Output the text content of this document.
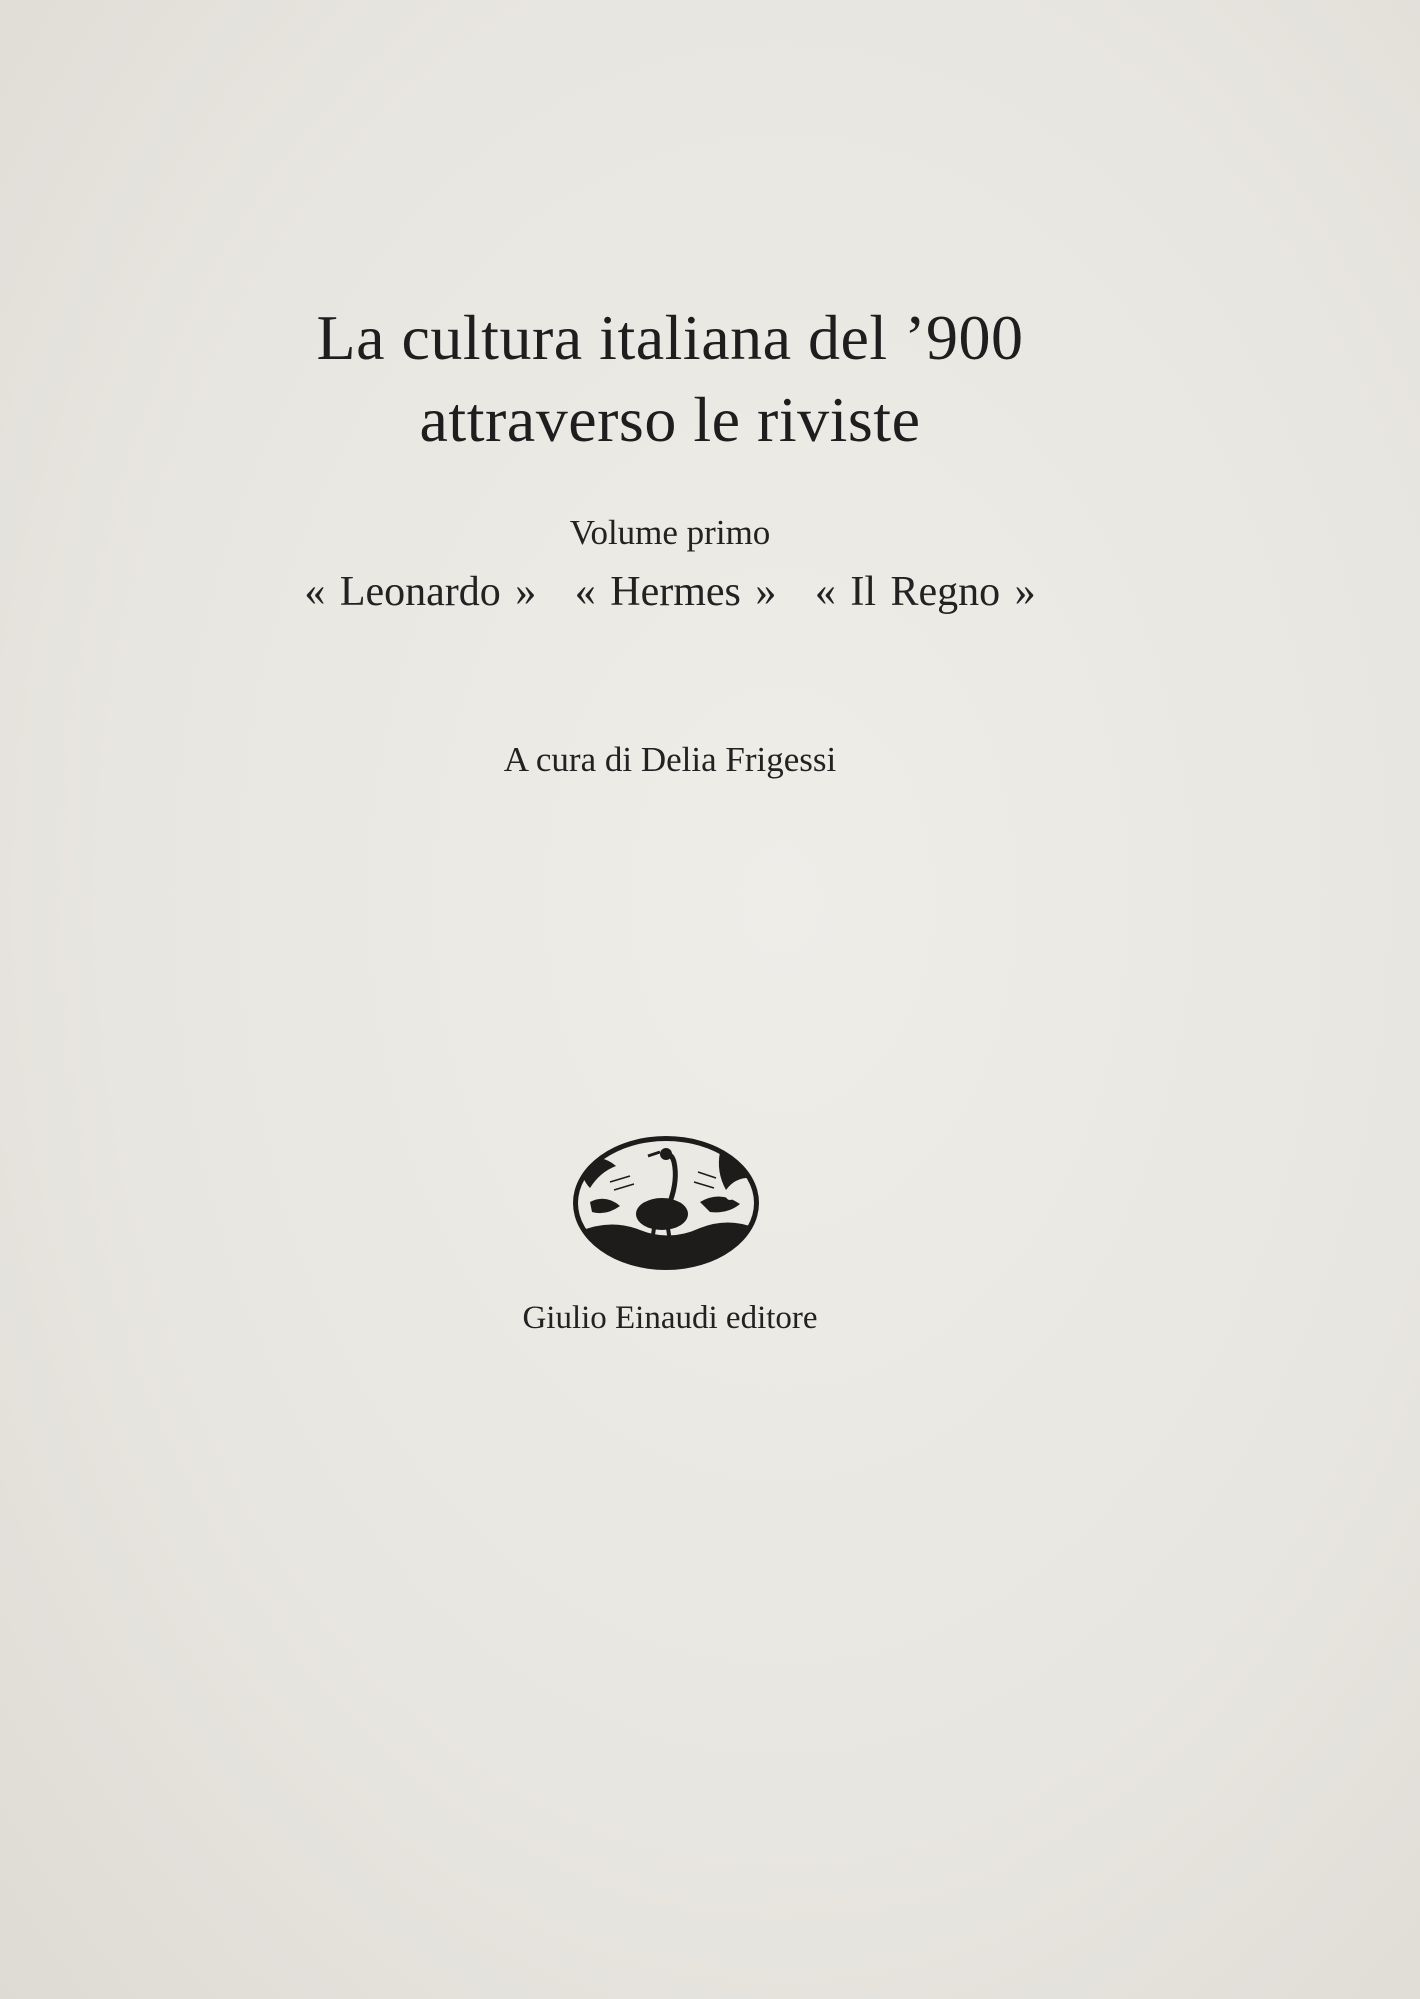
La cultura italiana del ’900
attraverso le riviste
Volume primo
« Leonardo » « Hermes » « Il Regno »
A cura di Delia Frigessi
Giulio Einaudi editore
